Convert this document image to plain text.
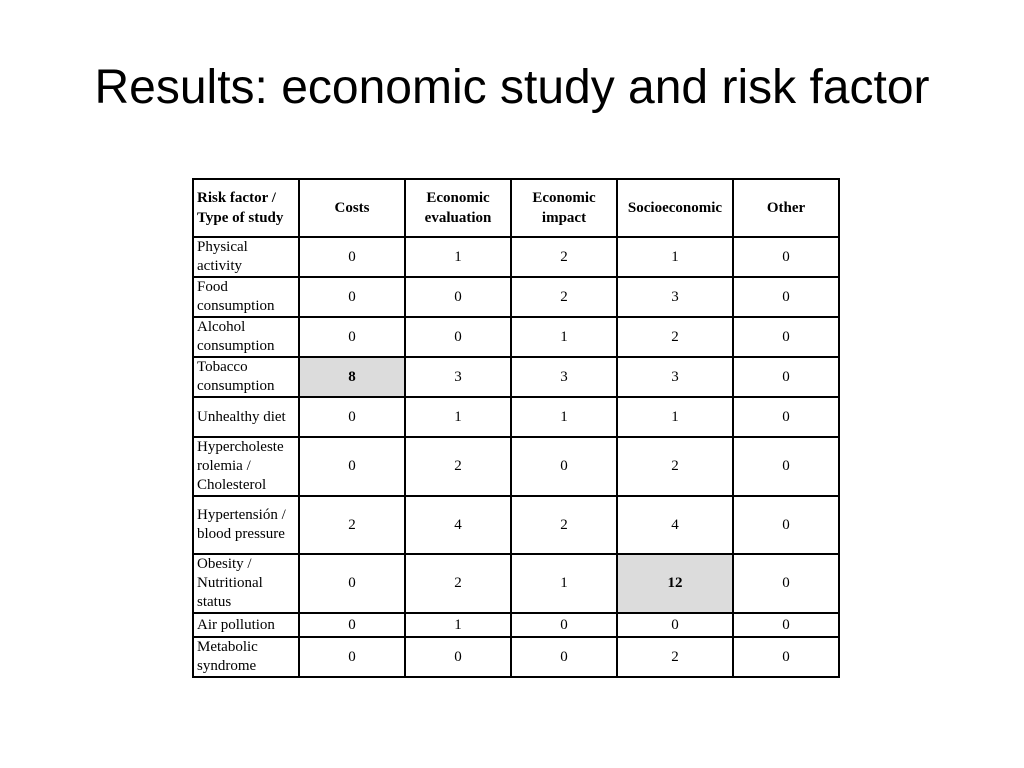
Results: economic study and risk factor
Risk factor / Type of study	Costs	Economic evaluation	Economic impact	Socioeconomic	Other
Physical activity	0	1	2	1	0
Food consumption	0	0	2	3	0
Alcohol consumption	0	0	1	2	0
Tobacco consumption	8	3	3	3	0
Unhealthy diet	0	1	1	1	0
Hypercholeste rolemia / Cholesterol	0	2	0	2	0
Hypertensión / blood pressure	2	4	2	4	0
Obesity / Nutritional status	0	2	1	12	0
Air pollution	0	1	0	0	0
Metabolic syndrome	0	0	0	2	0
